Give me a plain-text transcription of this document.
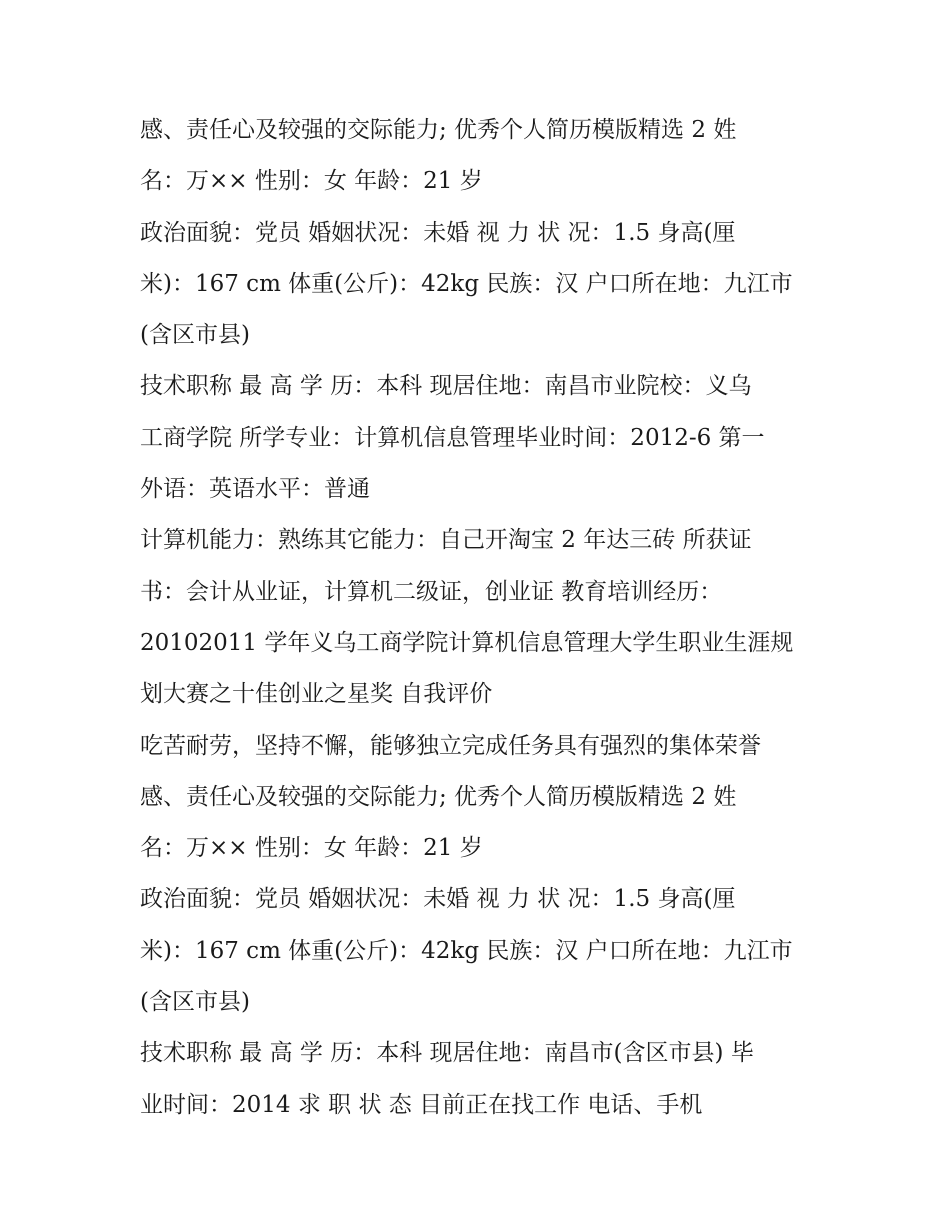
感、责任心及较强的交际能力; 优秀个人简历模版精选 2 姓
名：万×× 性别：女 年龄：21 岁
政治面貌：党员 婚姻状况：未婚 视 力 状 况：1.5 身高(厘
米)：167 cm 体重(公斤)：42kg 民族：汉 户口所在地：九江市
(含区市县)
技术职称 最 高 学 历：本科 现居住地：南昌市业院校：义乌
工商学院 所学专业：计算机信息管理毕业时间：2012-6 第一
外语：英语水平：普通
计算机能力：熟练其它能力：自己开淘宝 2 年达三砖 所获证
书：会计从业证，计算机二级证，创业证 教育培训经历：
20102011 学年义乌工商学院计算机信息管理大学生职业生涯规
划大赛之十佳创业之星奖 自我评价
吃苦耐劳，坚持不懈，能够独立完成任务具有强烈的集体荣誉
感、责任心及较强的交际能力; 优秀个人简历模版精选 2 姓
名：万×× 性别：女 年龄：21 岁
政治面貌：党员 婚姻状况：未婚 视 力 状 况：1.5 身高(厘
米)：167 cm 体重(公斤)：42kg 民族：汉 户口所在地：九江市
(含区市县)
技术职称 最 高 学 历：本科 现居住地：南昌市(含区市县) 毕
业时间：2014 求 职 状 态 目前正在找工作 电话、手机
